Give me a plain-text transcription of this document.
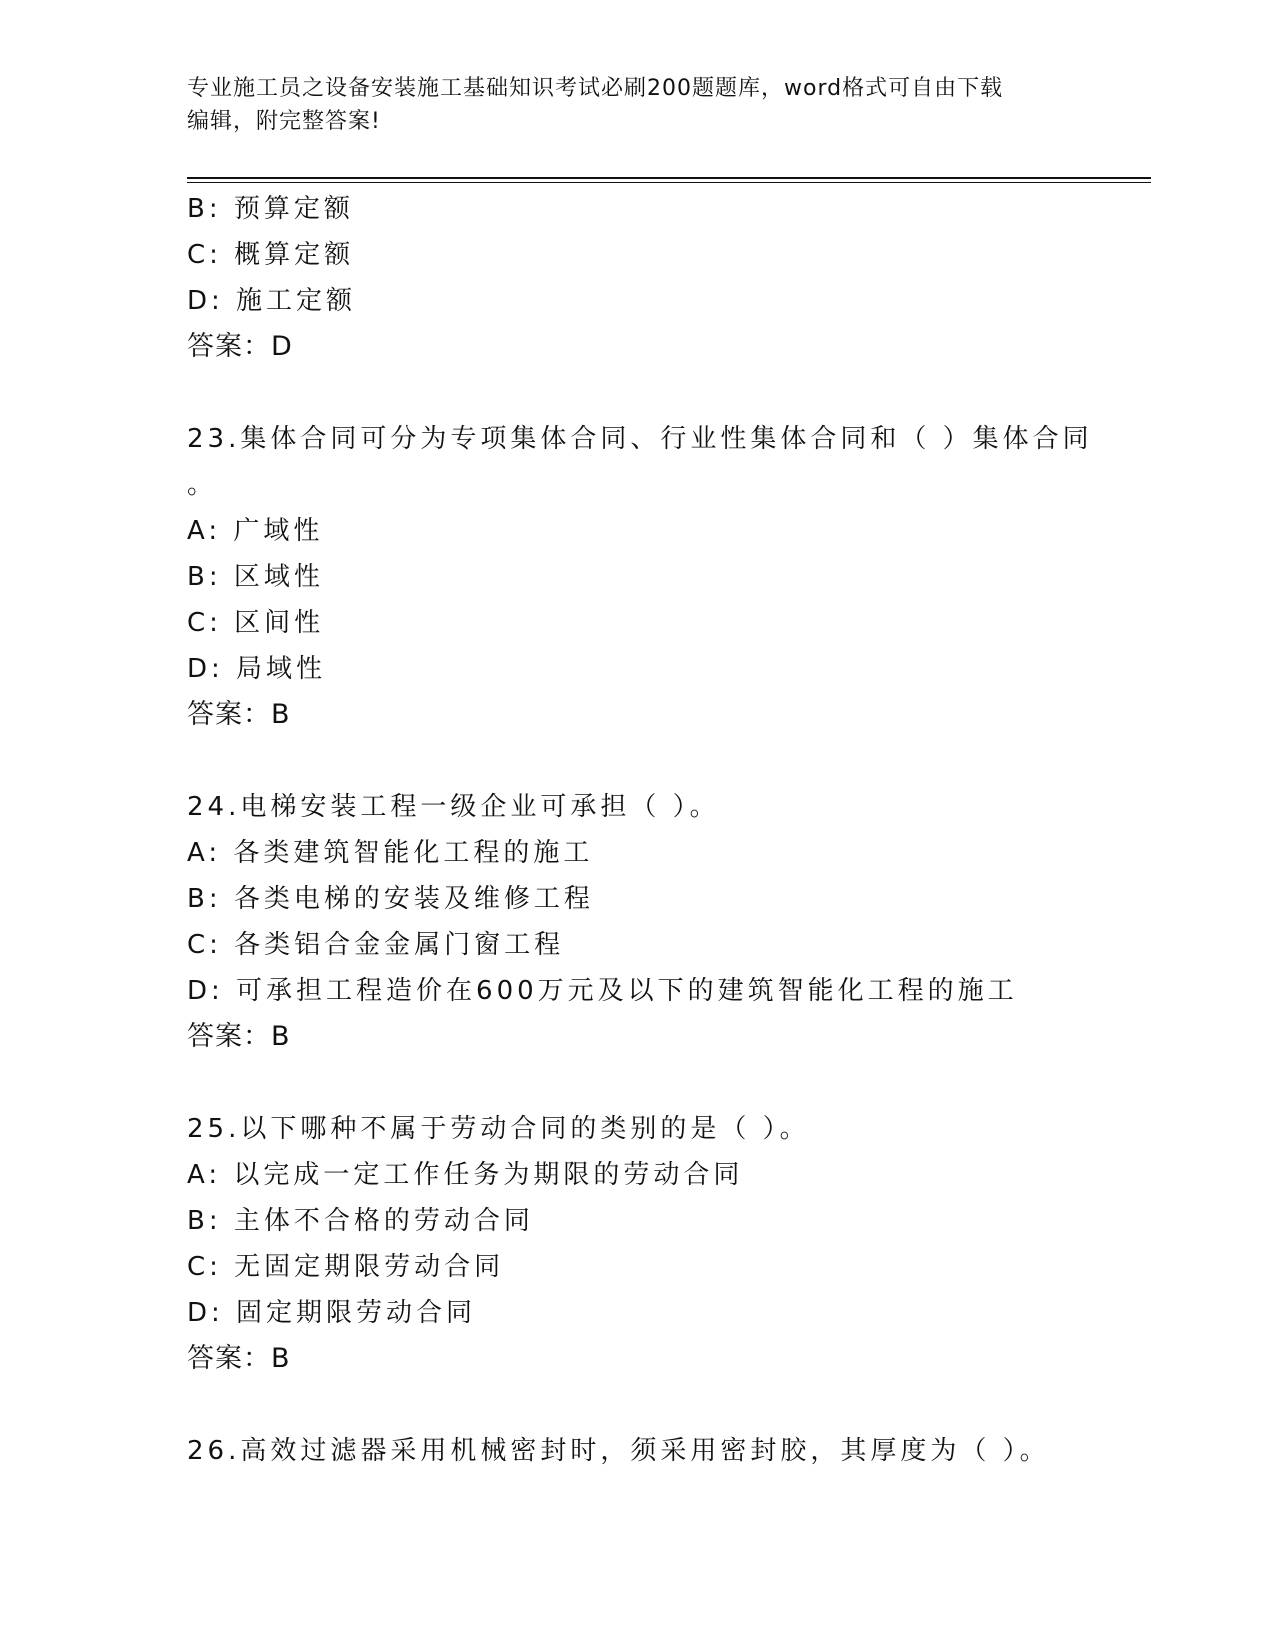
专业施工员之设备安装施工基础知识考试必刷200题题库，word格式可自由下载
编辑，附完整答案!
B: 预算定额
C: 概算定额
D: 施工定额
答案：D
23.集体合同可分为专项集体合同、行业性集体合同和（ ）集体合同
。
A: 广域性
B: 区域性
C: 区间性
D: 局域性
答案：B
24.电梯安装工程一级企业可承担（ ）。
A: 各类建筑智能化工程的施工
B: 各类电梯的安装及维修工程
C: 各类铝合金金属门窗工程
D: 可承担工程造价在600万元及以下的建筑智能化工程的施工
答案：B
25.以下哪种不属于劳动合同的类别的是（ ）。
A: 以完成一定工作任务为期限的劳动合同
B: 主体不合格的劳动合同
C: 无固定期限劳动合同
D: 固定期限劳动合同
答案：B
26.高效过滤器采用机械密封时，须采用密封胶，其厚度为（ ）。
